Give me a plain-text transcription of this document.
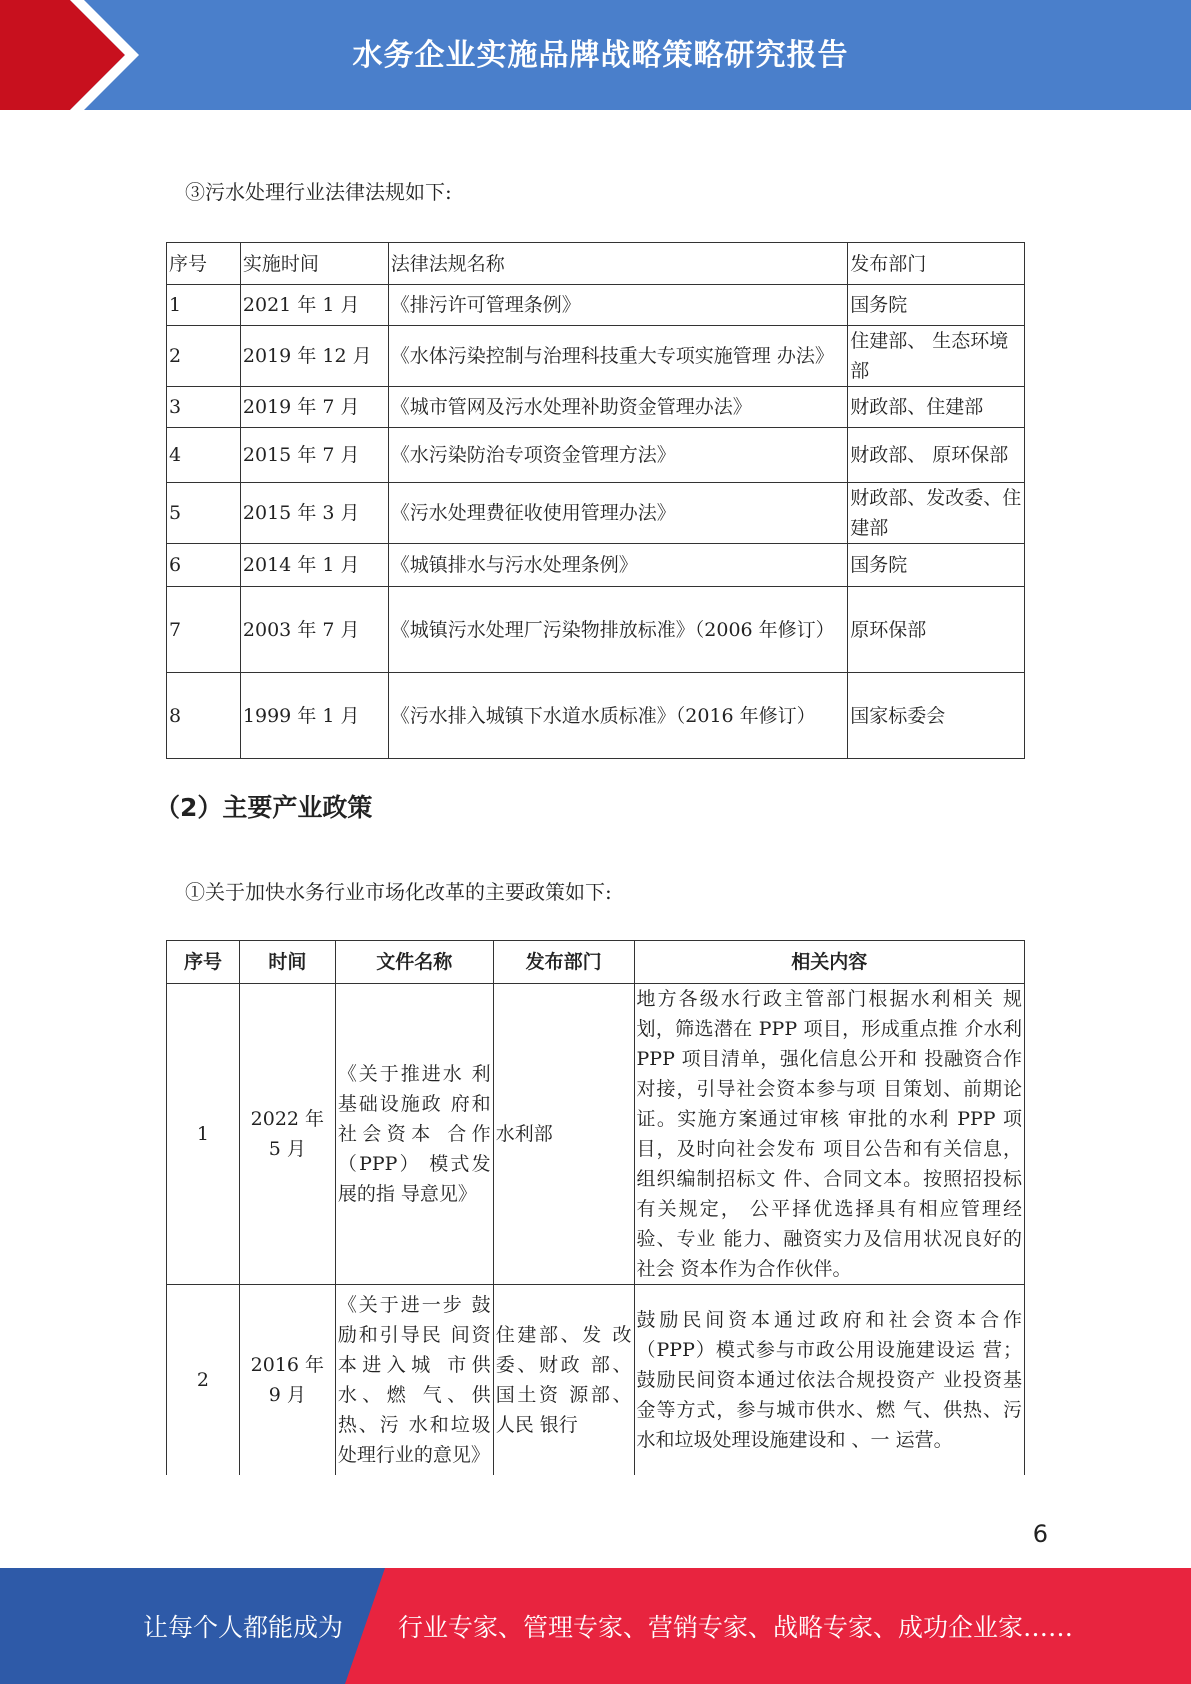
水务企业实施品牌战略策略研究报告
③污水处理行业法律法规如下:
序号	实施时间	法律法规名称	发布部门
1	2021 年 1 月	《排污许可管理条例》	国务院
2	2019 年 12 月	《水体污染控制与治理科技重大专项实施管理 办法》	住建部、 生态环境部
3	2019 年 7 月	《城市管网及污水处理补助资金管理办法》	财政部、住建部
4	2015 年 7 月	《水污染防治专项资金管理方法》	财政部、 原环保部
5	2015 年 3 月	《污水处理费征收使用管理办法》	财政部、发改委、住建部
6	2014 年 1 月	《城镇排水与污水处理条例》	国务院
7	2003 年 7 月	《城镇污水处理厂污染物排放标准》（2006 年修订）	原环保部
8	1999 年 1 月	《污水排入城镇下水道水质标准》（2016 年修订）	国家标委会
（2）主要产业政策
①关于加快水务行业市场化改革的主要政策如下:
序号	时间	文件名称	发布部门	相关内容
1	2022 年 5 月	《关于推进水 利基础设施政 府和社会资本 合作（PPP） 模式发展的指 导意见》	水利部	地方各级水行政主管部门根据水利相关 规划，筛选潜在 PPP 项目，形成重点推 介水利 PPP 项目清单，强化信息公开和 投融资合作对接，引导社会资本参与项 目策划、前期论证。实施方案通过审核 审批的水利 PPP 项目，及时向社会发布 项目公告和有关信息，组织编制招标文 件、合同文本。按照招投标有关规定， 公平择优选择具有相应管理经验、专业 能力、融资实力及信用状况良好的社会 资本作为合作伙伴。
2	2016 年 9 月	《关于进一步 鼓励和引导民 间资本进入城 市供水、燃 气、供热、污 水和垃圾处理行业的意见》	住建部、发 改委、财政 部、国土资 源部、人民 银行	鼓励民间资本通过政府和社会资本合作（PPP）模式参与市政公用设施建设运 营；鼓励民间资本通过依法合规投资产 业投资基金等方式，参与城市供水、燃 气、供热、污水和垃圾处理设施建设和 、一 运营。
6
让每个人都能成为 行业专家、管理专家、营销专家、战略专家、成功企业家……
